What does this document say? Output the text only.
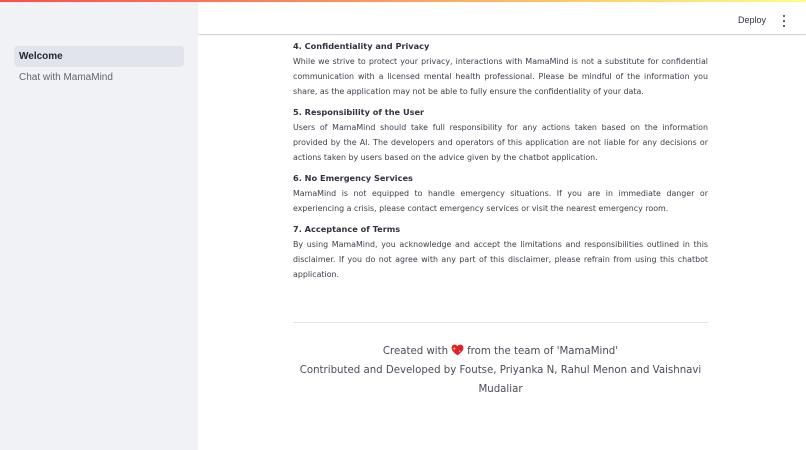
Welcome
Chat with MamaMind
Deploy
4. Confidentiality and Privacy

While we strive to protect your privacy, interactions with MamaMind is not a substitute for confidential communication with a licensed mental health professional. Please be mindful of the information you share, as the application may not be able to fully ensure the confidentiality of your data.

5. Responsibility of the User

Users of MamaMind should take full responsibility for any actions taken based on the information provided by the AI. The developers and operators of this application are not liable for any decisions or actions taken by users based on the advice given by the chatbot application.

6. No Emergency Services

MamaMind is not equipped to handle emergency situations. If you are in immediate danger or experiencing a crisis, please contact emergency services or visit the nearest emergency room.

7. Acceptance of Terms

By using MamaMind, you acknowledge and accept the limitations and responsibilities outlined in this disclaimer. If you do not agree with any part of this disclaimer, please refrain from using this chatbot application.

Created with from the team of 'MamaMind'
Contributed and Developed by Foutse, Priyanka N, Rahul Menon and Vaishnavi Mudaliar
